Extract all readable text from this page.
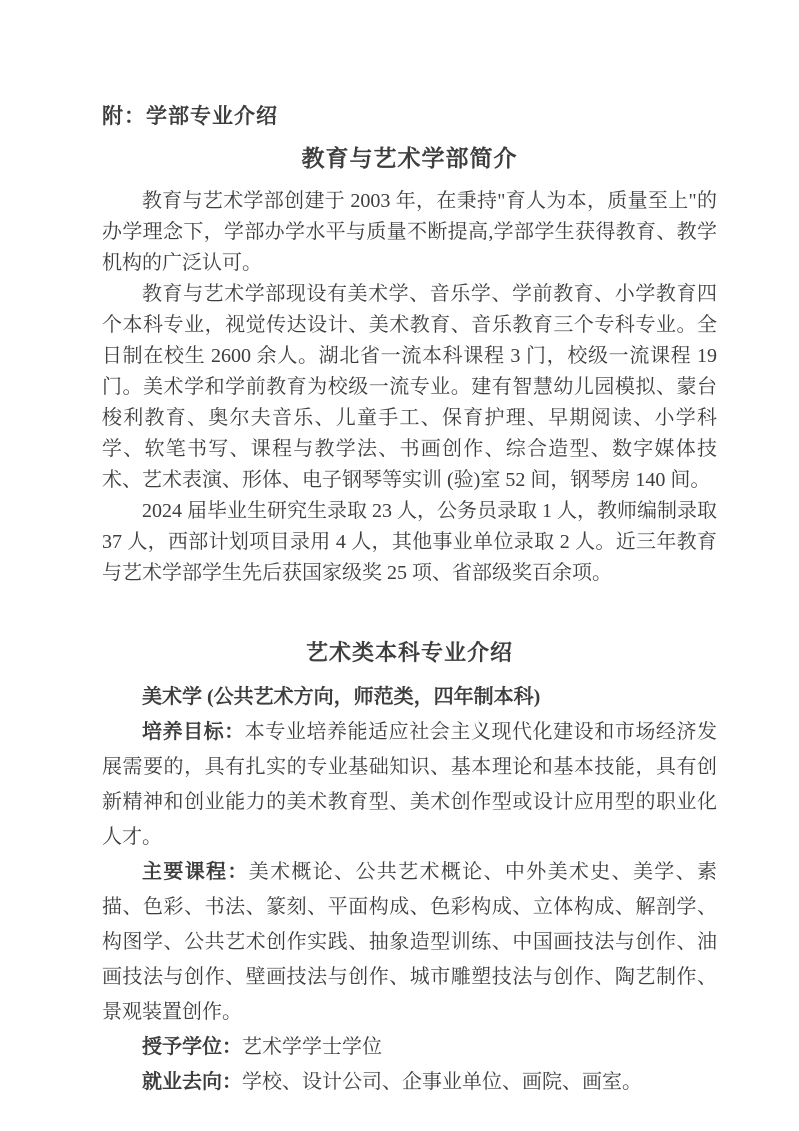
附：学部专业介绍
教育与艺术学部简介

教育与艺术学部创建于 2003 年，在秉持"育人为本，质量至上"的办学理念下，学部办学水平与质量不断提高,学部学生获得教育、教学机构的广泛认可。

教育与艺术学部现设有美术学、音乐学、学前教育、小学教育四个本科专业，视觉传达设计、美术教育、音乐教育三个专科专业。全日制在校生 2600 余人。湖北省一流本科课程 3 门，校级一流课程 19 门。美术学和学前教育为校级一流专业。建有智慧幼儿园模拟、蒙台梭利教育、奥尔夫音乐、儿童手工、保育护理、早期阅读、小学科学、软笔书写、课程与教学法、书画创作、综合造型、数字媒体技术、艺术表演、形体、电子钢琴等实训 (验)室 52 间，钢琴房 140 间。

2024 届毕业生研究生录取 23 人，公务员录取 1 人，教师编制录取 37 人，西部计划项目录用 4 人，其他事业单位录取 2 人。近三年教育与艺术学部学生先后获国家级奖 25 项、省部级奖百余项。

艺术类本科专业介绍

美术学 (公共艺术方向，师范类，四年制本科)

培养目标：本专业培养能适应社会主义现代化建设和市场经济发展需要的，具有扎实的专业基础知识、基本理论和基本技能，具有创新精神和创业能力的美术教育型、美术创作型或设计应用型的职业化人才。

主要课程：美术概论、公共艺术概论、中外美术史、美学、素描、色彩、书法、篆刻、平面构成、色彩构成、立体构成、解剖学、构图学、公共艺术创作实践、抽象造型训练、中国画技法与创作、油画技法与创作、壁画技法与创作、城市雕塑技法与创作、陶艺制作、景观装置创作。

授予学位：艺术学学士学位

就业去向：学校、设计公司、企事业单位、画院、画室。
